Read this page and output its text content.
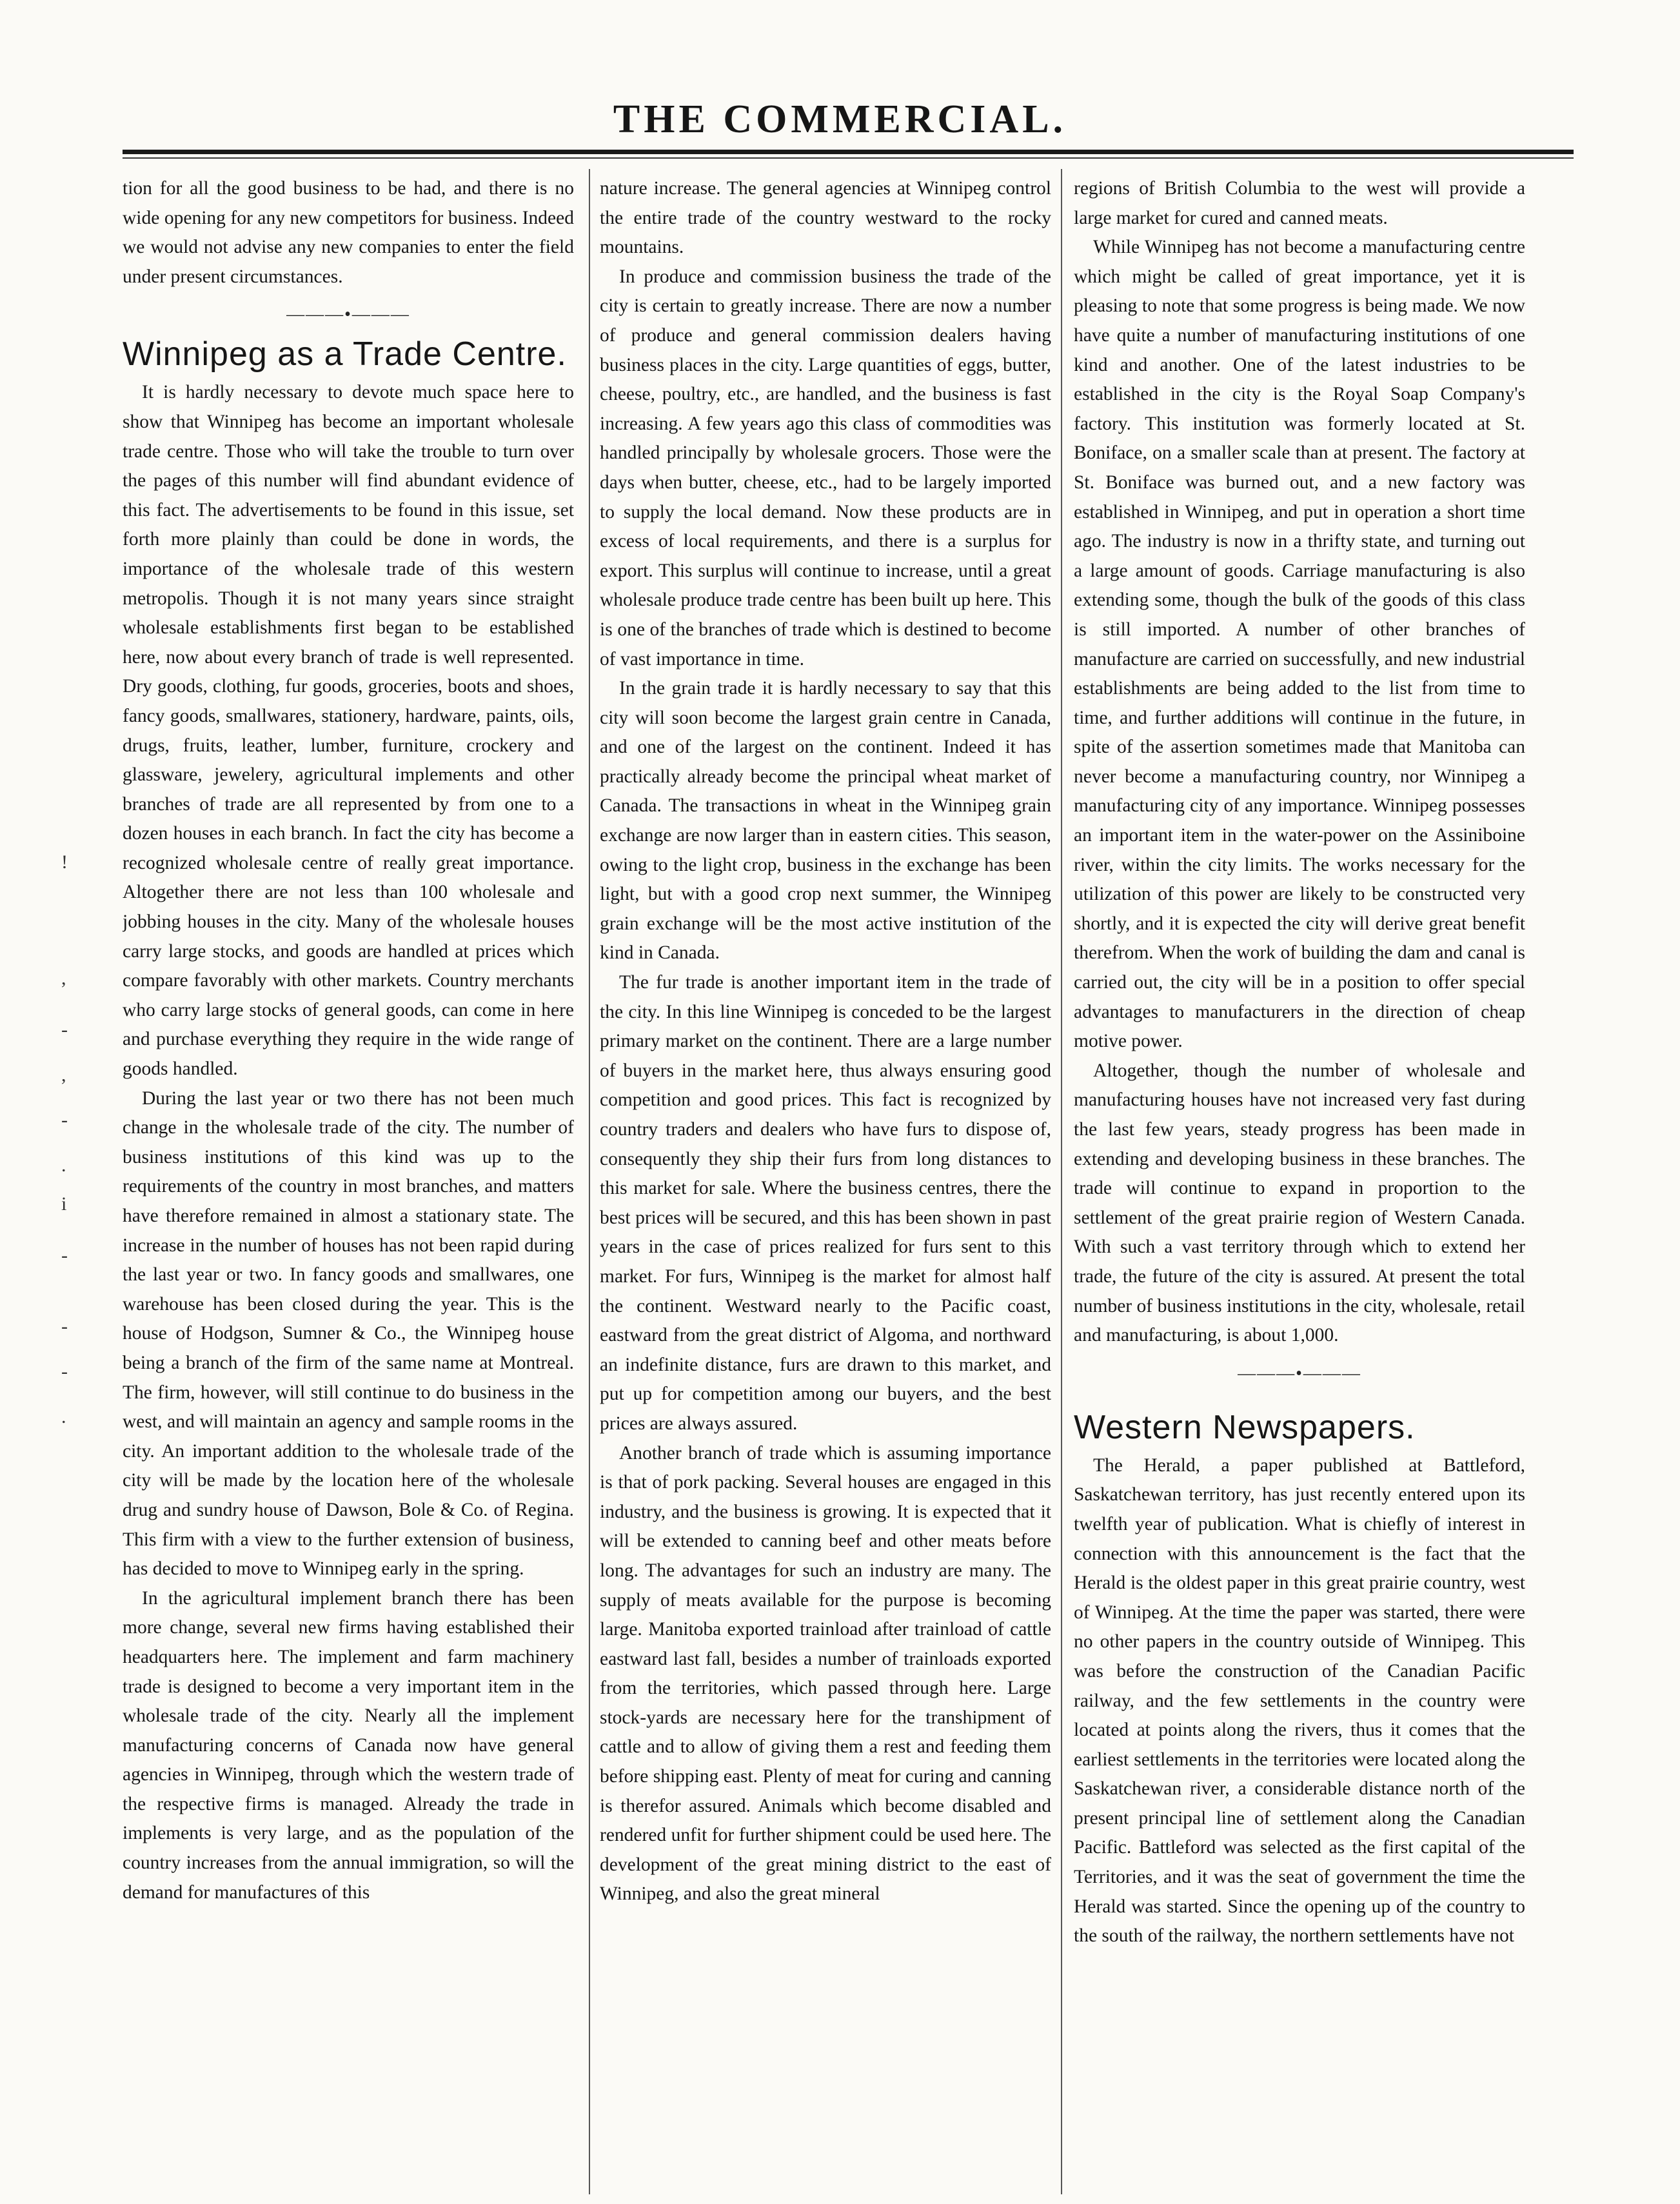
THE COMMERCIAL.
!
,
-
,
-
.
i
-
-
-
.

tion for all the good business to be had, and there is no wide opening for any new competitors for business. Indeed we would not advise any new companies to enter the field under present circumstances.

———•———
Winnipeg as a Trade Centre.

It is hardly necessary to devote much space here to show that Winnipeg has become an important wholesale trade centre. Those who will take the trouble to turn over the pages of this number will find abundant evidence of this fact. The advertisements to be found in this issue, set forth more plainly than could be done in words, the importance of the wholesale trade of this western metropolis. Though it is not many years since straight wholesale establishments first began to be established here, now about every branch of trade is well represented. Dry goods, clothing, fur goods, groceries, boots and shoes, fancy goods, smallwares, stationery, hardware, paints, oils, drugs, fruits, leather, lumber, furniture, crockery and glassware, jewelery, agricultural implements and other branches of trade are all represented by from one to a dozen houses in each branch. In fact the city has become a recognized wholesale centre of really great importance. Altogether there are not less than 100 wholesale and jobbing houses in the city. Many of the wholesale houses carry large stocks, and goods are handled at prices which compare favorably with other markets. Country merchants who carry large stocks of general goods, can come in here and purchase everything they require in the wide range of goods handled.

During the last year or two there has not been much change in the wholesale trade of the city. The number of business institutions of this kind was up to the requirements of the country in most branches, and matters have therefore remained in almost a stationary state. The increase in the number of houses has not been rapid during the last year or two. In fancy goods and smallwares, one warehouse has been closed during the year. This is the house of Hodgson, Sumner & Co., the Winnipeg house being a branch of the firm of the same name at Montreal. The firm, however, will still continue to do business in the west, and will maintain an agency and sample rooms in the city. An important addition to the wholesale trade of the city will be made by the location here of the wholesale drug and sundry house of Dawson, Bole & Co. of Regina. This firm with a view to the further extension of business, has decided to move to Winnipeg early in the spring.

In the agricultural implement branch there has been more change, several new firms having established their headquarters here. The implement and farm machinery trade is designed to become a very important item in the wholesale trade of the city. Nearly all the implement manufacturing concerns of Canada now have general agencies in Winnipeg, through which the western trade of the respective firms is managed. Already the trade in implements is very large, and as the population of the country increases from the annual immigration, so will the demand for manufactures of this

nature increase. The general agencies at Winnipeg control the entire trade of the country westward to the rocky mountains.

In produce and commission business the trade of the city is certain to greatly increase. There are now a number of produce and general commission dealers having business places in the city. Large quantities of eggs, butter, cheese, poultry, etc., are handled, and the business is fast increasing. A few years ago this class of commodities was handled principally by wholesale grocers. Those were the days when butter, cheese, etc., had to be largely imported to supply the local demand. Now these products are in excess of local requirements, and there is a surplus for export. This surplus will continue to increase, until a great wholesale produce trade centre has been built up here. This is one of the branches of trade which is destined to become of vast importance in time.

In the grain trade it is hardly necessary to say that this city will soon become the largest grain centre in Canada, and one of the largest on the continent. Indeed it has practically already become the principal wheat market of Canada. The transactions in wheat in the Winnipeg grain exchange are now larger than in eastern cities. This season, owing to the light crop, business in the exchange has been light, but with a good crop next summer, the Winnipeg grain exchange will be the most active institution of the kind in Canada.

The fur trade is another important item in the trade of the city. In this line Winnipeg is conceded to be the largest primary market on the continent. There are a large number of buyers in the market here, thus always ensuring good competition and good prices. This fact is recognized by country traders and dealers who have furs to dispose of, consequently they ship their furs from long distances to this market for sale. Where the business centres, there the best prices will be secured, and this has been shown in past years in the case of prices realized for furs sent to this market. For furs, Winnipeg is the market for almost half the continent. Westward nearly to the Pacific coast, eastward from the great district of Algoma, and northward an indefinite distance, furs are drawn to this market, and put up for competition among our buyers, and the best prices are always assured.

Another branch of trade which is assuming importance is that of pork packing. Several houses are engaged in this industry, and the business is growing. It is expected that it will be extended to canning beef and other meats before long. The advantages for such an industry are many. The supply of meats available for the purpose is becoming large. Manitoba exported trainload after trainload of cattle eastward last fall, besides a number of trainloads exported from the territories, which passed through here. Large stock-yards are necessary here for the transhipment of cattle and to allow of giving them a rest and feeding them before shipping east. Plenty of meat for curing and canning is therefor assured. Animals which become disabled and rendered unfit for further shipment could be used here. The development of the great mining district to the east of Winnipeg, and also the great mineral

regions of British Columbia to the west will provide a large market for cured and canned meats.

While Winnipeg has not become a manufacturing centre which might be called of great importance, yet it is pleasing to note that some progress is being made. We now have quite a number of manufacturing institutions of one kind and another. One of the latest industries to be established in the city is the Royal Soap Company's factory. This institution was formerly located at St. Boniface, on a smaller scale than at present. The factory at St. Boniface was burned out, and a new factory was established in Winnipeg, and put in operation a short time ago. The industry is now in a thrifty state, and turning out a large amount of goods. Carriage manufacturing is also extending some, though the bulk of the goods of this class is still imported. A number of other branches of manufacture are carried on successfully, and new industrial establishments are being added to the list from time to time, and further additions will continue in the future, in spite of the assertion sometimes made that Manitoba can never become a manufacturing country, nor Winnipeg a manufacturing city of any importance. Winnipeg possesses an important item in the water-power on the Assiniboine river, within the city limits. The works necessary for the utilization of this power are likely to be constructed very shortly, and it is expected the city will derive great benefit therefrom. When the work of building the dam and canal is carried out, the city will be in a position to offer special advantages to manufacturers in the direction of cheap motive power.

Altogether, though the number of wholesale and manufacturing houses have not increased very fast during the last few years, steady progress has been made in extending and developing business in these branches. The trade will continue to expand in proportion to the settlement of the great prairie region of Western Canada. With such a vast territory through which to extend her trade, the future of the city is assured. At present the total number of business institutions in the city, wholesale, retail and manufacturing, is about 1,000.

———•———
Western Newspapers.

The Herald, a paper published at Battleford, Saskatchewan territory, has just recently entered upon its twelfth year of publication. What is chiefly of interest in connection with this announcement is the fact that the Herald is the oldest paper in this great prairie country, west of Winnipeg. At the time the paper was started, there were no other papers in the country outside of Winnipeg. This was before the construction of the Canadian Pacific railway, and the few settlements in the country were located at points along the rivers, thus it comes that the earliest settlements in the territories were located along the Saskatchewan river, a considerable distance north of the present principal line of settlement along the Canadian Pacific. Battleford was selected as the first capital of the Territories, and it was the seat of government the time the Herald was started. Since the opening up of the country to the south of the railway, the northern settlements have not
